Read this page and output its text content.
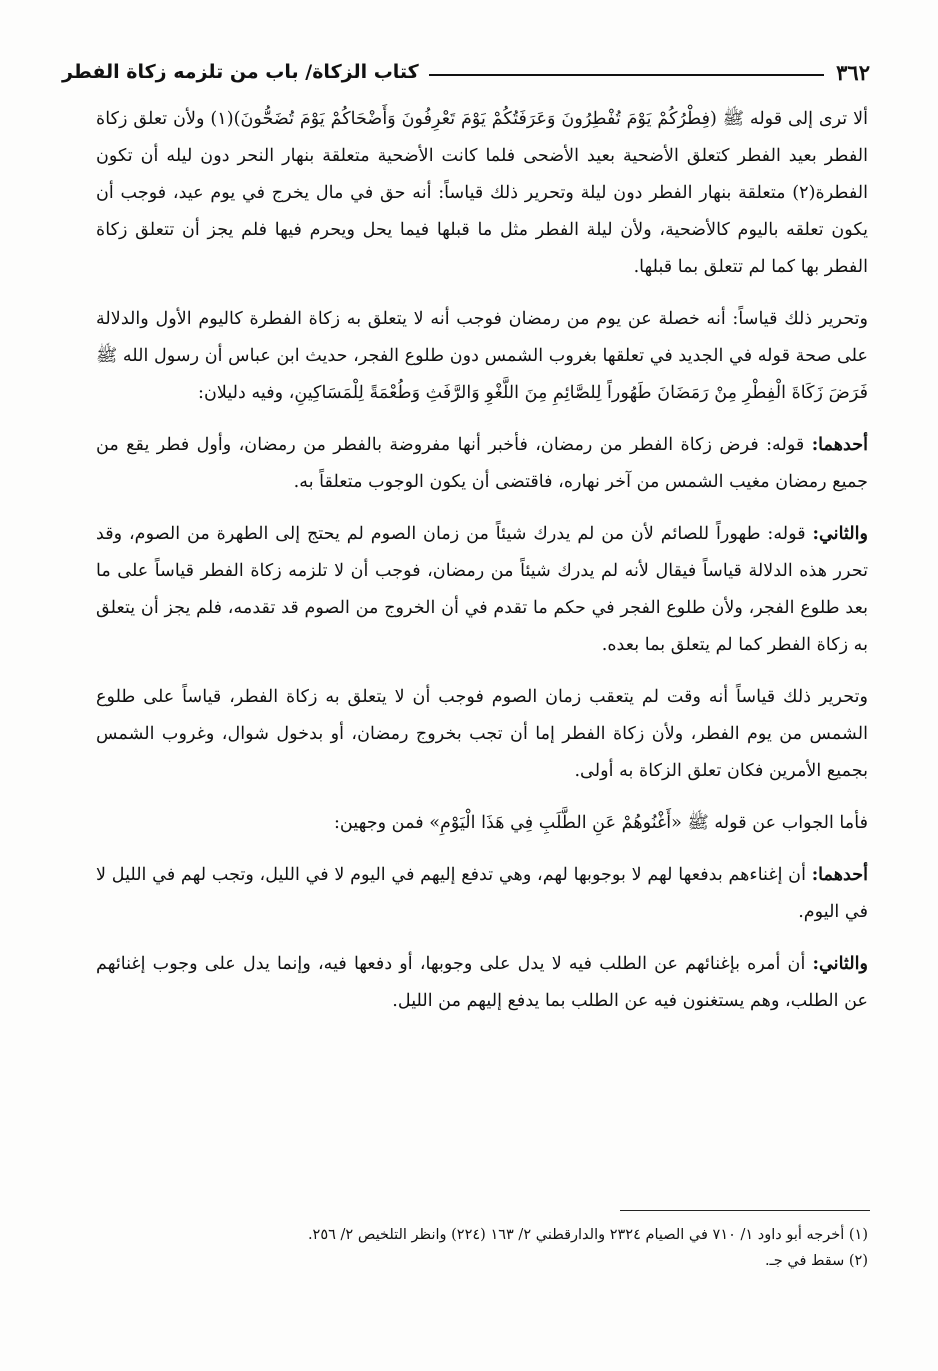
٣٦٢
كتاب الزكاة/ باب من تلزمه زكاة الفطر

ألا ترى إلى قوله ﷺ (فِطْرُكُمْ يَوْمَ تُفْطِرُونَ وَعَرَفَتُكُمْ يَوْمَ تَعْرِفُونَ وَأَضْحَاكُمْ يَوْمَ تُضَحُّونَ)(١) ولأن تعلق زكاة الفطر بعيد الفطر كتعلق الأضحية بعيد الأضحى فلما كانت الأضحية متعلقة بنهار النحر دون ليله أن تكون الفطرة(٢) متعلقة بنهار الفطر دون ليلة وتحرير ذلك قياساً: أنه حق في مال يخرج في يوم عيد، فوجب أن يكون تعلقه باليوم كالأضحية، ولأن ليلة الفطر مثل ما قبلها فيما يحل ويحرم فيها فلم يجز أن تتعلق زكاة الفطر بها كما لم تتعلق بما قبلها.

وتحرير ذلك قياساً: أنه خصلة عن يوم من رمضان فوجب أنه لا يتعلق به زكاة الفطرة كاليوم الأول والدلالة على صحة قوله في الجديد في تعلقها بغروب الشمس دون طلوع الفجر، حديث ابن عباس أن رسول الله ﷺ فَرَضَ زَكَاةَ الْفِطْرِ مِنْ رَمَضَانَ طَهُوراً لِلصَّائِمِ مِنَ اللَّغْوِ وَالرَّفَثِ وَطُعْمَةً لِلْمَسَاكِينِ، وفيه دليلان:

أحدهما: قوله: فرض زكاة الفطر من رمضان، فأخبر أنها مفروضة بالفطر من رمضان، وأول فطر يقع من جميع رمضان مغيب الشمس من آخر نهاره، فاقتضى أن يكون الوجوب متعلقاً به.

والثاني: قوله: طهوراً للصائم لأن من لم يدرك شيئاً من زمان الصوم لم يحتج إلى الطهرة من الصوم، وقد تحرر هذه الدلالة قياساً فيقال لأنه لم يدرك شيئاً من رمضان، فوجب أن لا تلزمه زكاة الفطر قياساً على ما بعد طلوع الفجر، ولأن طلوع الفجر في حكم ما تقدم في أن الخروج من الصوم قد تقدمه، فلم يجز أن يتعلق به زكاة الفطر كما لم يتعلق بما بعده.

وتحرير ذلك قياساً أنه وقت لم يتعقب زمان الصوم فوجب أن لا يتعلق به زكاة الفطر، قياساً على طلوع الشمس من يوم الفطر، ولأن زكاة الفطر إما أن تجب بخروج رمضان، أو بدخول شوال، وغروب الشمس بجميع الأمرين فكان تعلق الزكاة به أولى.

فأما الجواب عن قوله ﷺ «أَغْنُوهُمْ عَنِ الطَّلَبِ فِي هَذَا الْيَوْمِ» فمن وجهين:

أحدهما: أن إغناءهم بدفعها لهم لا بوجوبها لهم، وهي تدفع إليهم في اليوم لا في الليل، وتجب لهم في الليل لا في اليوم.

والثاني: أن أمره بإغنائهم عن الطلب فيه لا يدل على وجوبها، أو دفعها فيه، وإنما يدل على وجوب إغنائهم عن الطلب، وهم يستغنون فيه عن الطلب بما يدفع إليهم من الليل.

(١) أخرجه أبو داود ١/ ٧١٠ في الصيام ٢٣٢٤ والدارقطني ٢/ ١٦٣ (٢٢٤) وانظر التلخيص ٢/ ٢٥٦.
(٢) سقط في جـ.
